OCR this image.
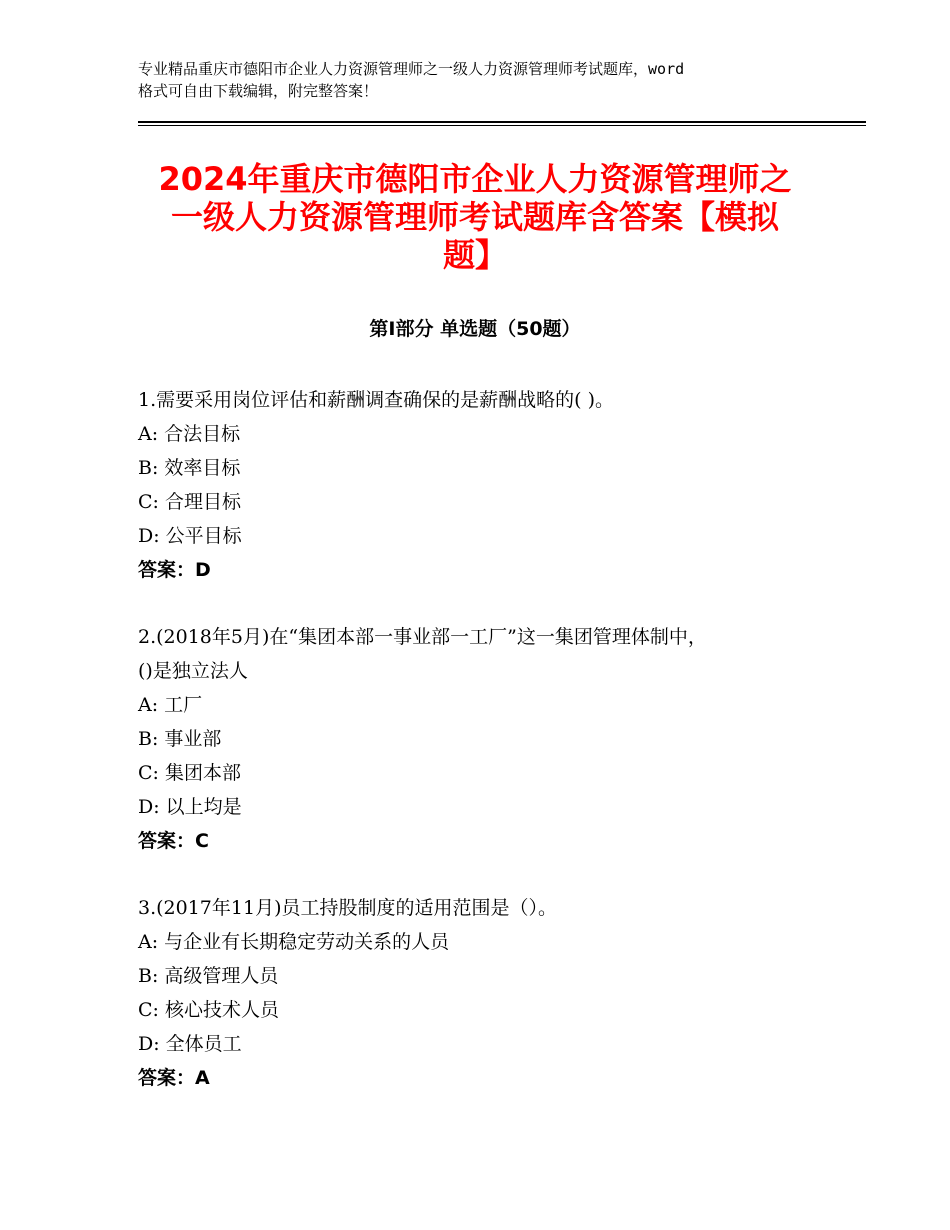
专业精品重庆市德阳市企业人力资源管理师之一级人力资源管理师考试题库，word
格式可自由下载编辑，附完整答案！
2024年重庆市德阳市企业人力资源管理师之
一级人力资源管理师考试题库含答案【模拟
题】
第Ⅰ部分 单选题（50题）
1.需要采用岗位评估和薪酬调查确保的是薪酬战略的( )。
A: 合法目标
B: 效率目标
C: 合理目标
D: 公平目标
答案：D
2.(2018年5月)在“集团本部一事业部一工厂”这一集团管理体制中，
()是独立法人
A: 工厂
B: 事业部
C: 集团本部
D: 以上均是
答案：C
3.(2017年11月)员工持股制度的适用范围是（）。
A: 与企业有长期稳定劳动关系的人员
B: 高级管理人员
C: 核心技术人员
D: 全体员工
答案：A
